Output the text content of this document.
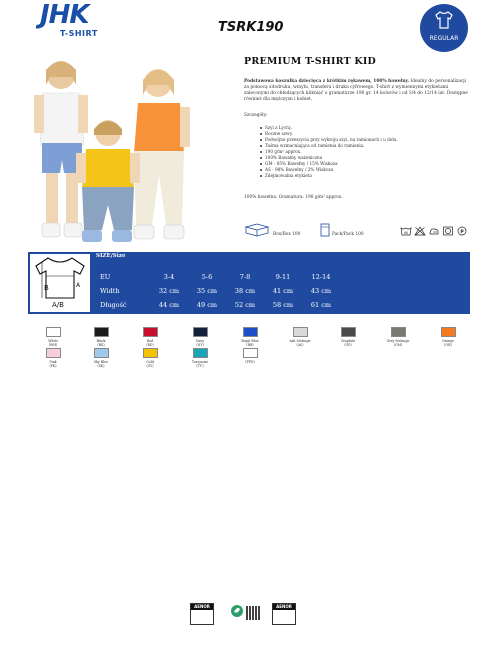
JHK
T-SHIRT	TSRK190
REGULAR
PREMIUM T-SHIRT KID
Podstawowa koszulka dziecięca z krótkim rękawem, 100% bawełny. Idealny do personalizacji za pomocą sitodruku, winylu, transferu i druku cyfrowego. T-shirt z wymiennymi etykietami zaleconymi do chłodzących kliknięć o gramaturze 190 gr. 14 kolorów i od 3/4 do 12/14 lat. Dostępne również dla mężczyzn i kobiet.
Szczegóły:
Szyi z Lycrą.
Boczne szwy.
Podwójne przeszycia przy wykroju szyi, na ramionach i u dołu.
Taśma wzmacniająca od ramienia do ramienia.
190 g/m² approx.
100% Bawełny ważeniczna
GM - 85% Bawełny / 15% Wiskoza
AS - 98% Bawełny / 2% Wiskoza
Zdejmowalna etykieta
100% bawełna. Gramatura: 190 g/m² approx.
Box/Box 100	Pack/Pack 100	40	P
B	A
A/B
SIZE/Size
EU	3-4	5-6	7-8	9-11	12-14
Width	32 cm	35 cm	38 cm	41 cm	43 cm
Długość	44 cm	49 cm	52 cm	58 cm	61 cm
White
(WH)
Black
(BK)
Red
(RD)
Navy
(NY)
Royal Blue
(RB)
Ash Melange
(AS)
Graphite
(GP)
Grey Melange
(GM)
Orange
(OR)
Pink
(PK)
Sky Blue
(SK)
Gold
(GY)
Turquoise
(TU)
(PFD)
AENOR
	AENOR
